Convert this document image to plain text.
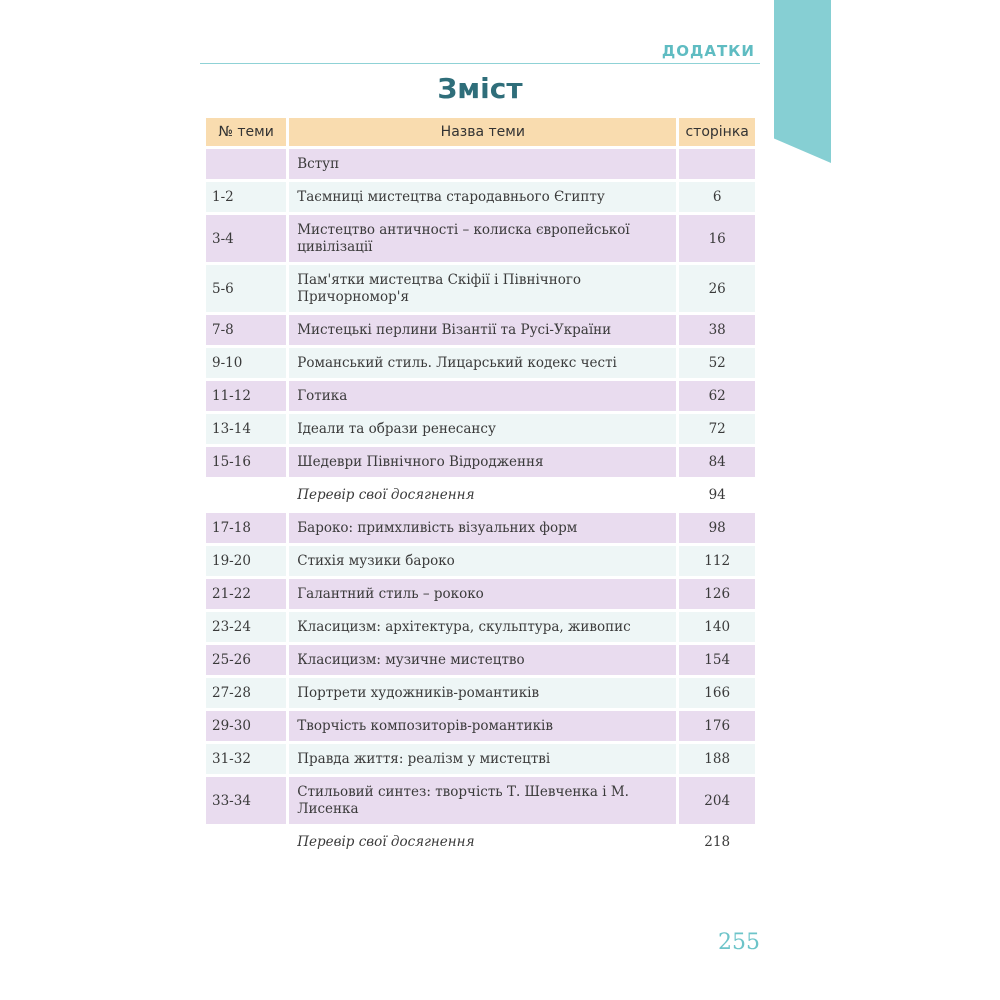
ДОДАТКИ
Зміст
№ теми	Назва теми	сторінка
	Вступ	
1-2	Таємниці мистецтва стародавнього Єгипту	6
3-4	Мистецтво античності – колиска європейської цивілізації	16
5-6	Пам'ятки мистецтва Скіфії і Північного Причорномор'я	26
7-8	Мистецькі перлини Візантії та Русі-України	38
9-10	Романський стиль. Лицарський кодекс честі	52
11-12	Готика	62
13-14	Ідеали та образи ренесансу	72
15-16	Шедеври Північного Відродження	84
	Перевір свої досягнення	94
17-18	Бароко: примхливість візуальних форм	98
19-20	Стихія музики бароко	112
21-22	Галантний стиль – рококо	126
23-24	Класицизм: архітектура, скульптура, живопис	140
25-26	Класицизм: музичне мистецтво	154
27-28	Портрети художників-романтиків	166
29-30	Творчість композиторів-романтиків	176
31-32	Правда життя: реалізм у мистецтві	188
33-34	Стильовий синтез: творчість Т. Шевченка і М. Лисенка	204
	Перевір свої досягнення	218
255
